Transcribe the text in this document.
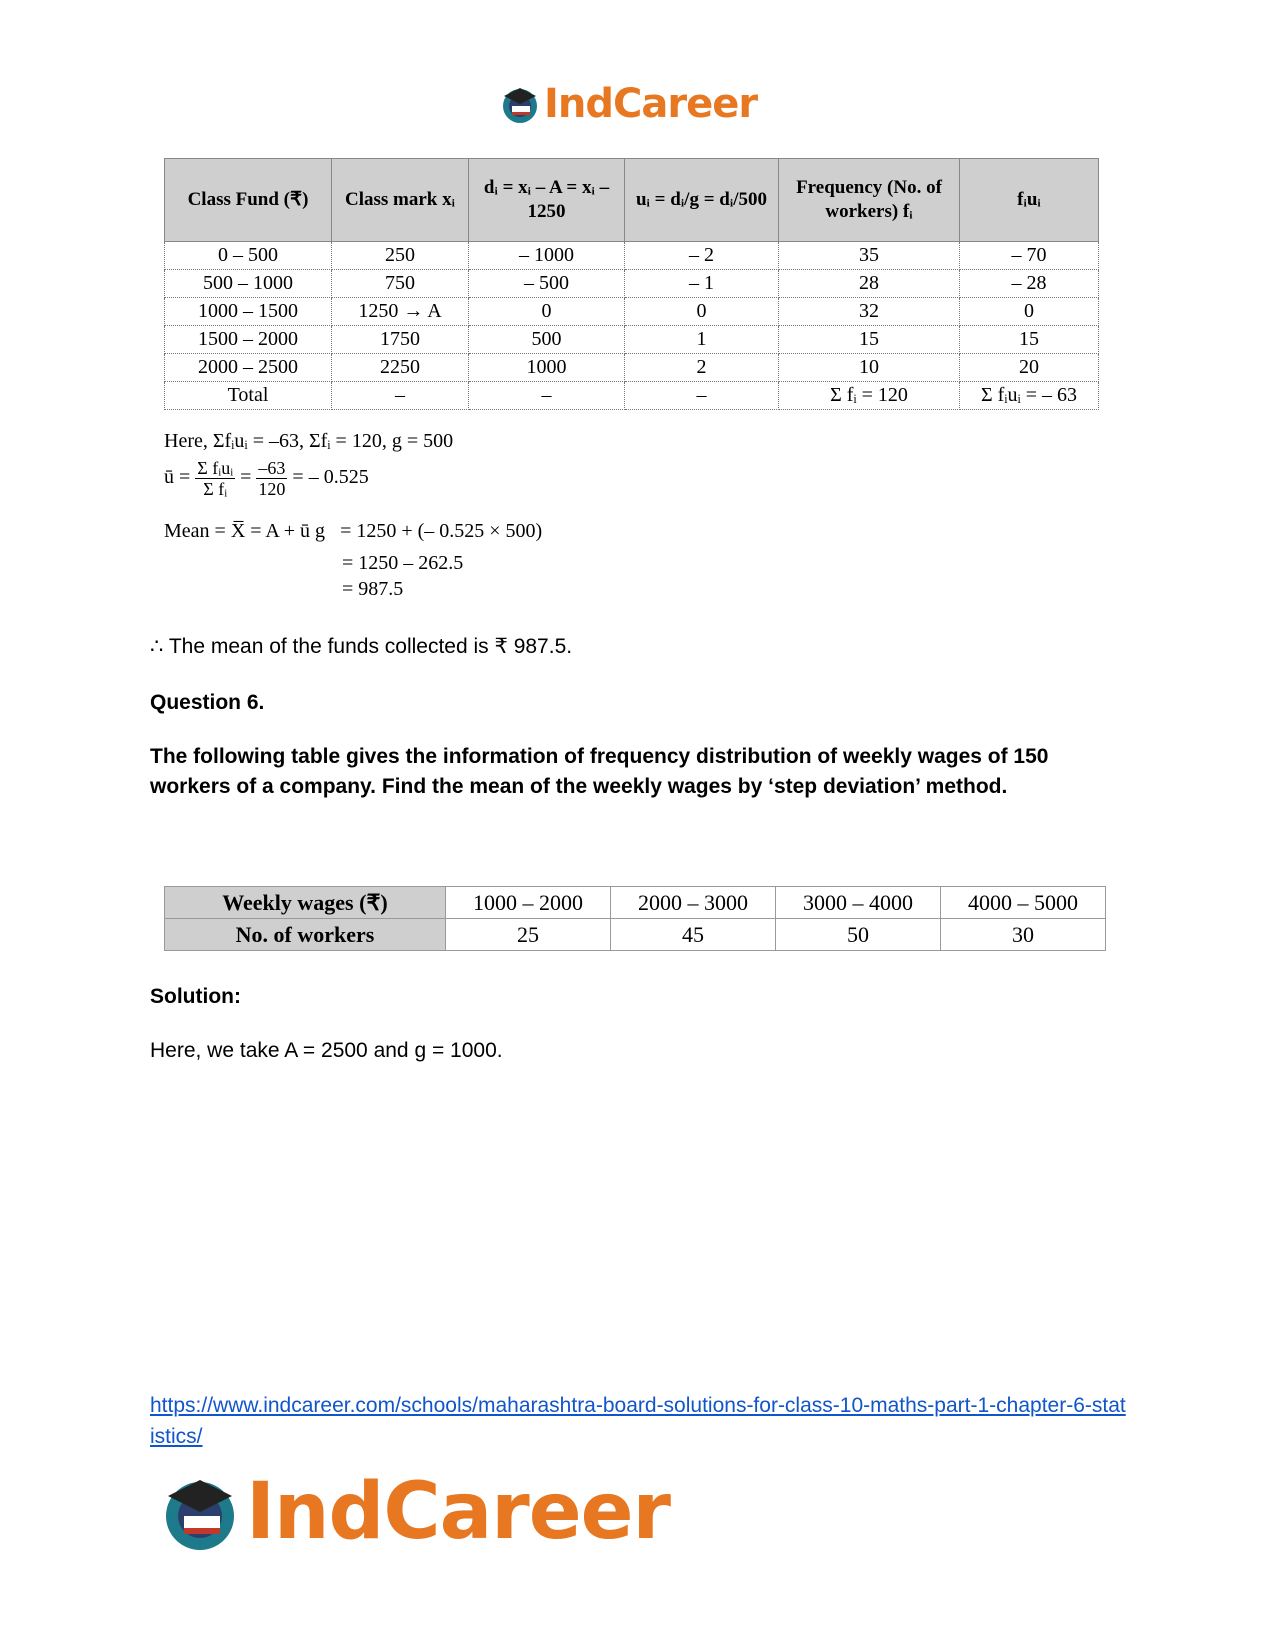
IndCareer
Class Fund (₹)	Class mark xᵢ	dᵢ = xᵢ – A = xᵢ – 1250	uᵢ = dᵢ/g = dᵢ/500	Frequency (No. of workers) fᵢ	fᵢuᵢ
0 – 500	250	– 1000	– 2	35	– 70
500 – 1000	750	– 500	– 1	28	– 28
1000 – 1500	1250 → A	0	0	32	0
1500 – 2000	1750	500	1	15	15
2000 – 2500	2250	1000	2	10	20
Total	–	–	–	Σ fᵢ = 120	Σ fᵢuᵢ = – 63
Here, Σfᵢuᵢ = –63, Σfᵢ = 120, g = 500
ū = $\frac{\text{Σ fᵢuᵢ}}{\text{Σ fᵢ}} = \frac{-63}{120}$ = – 0.525
Mean = X̅ = A + ū g = 1250 + (– 0.525 × 500)
= 1250 – 262.5
= 987.5
∴ The mean of the funds collected is ₹ 987.5.
Question 6.
The following table gives the information of frequency distribution of weekly wages of 150 workers of a company. Find the mean of the weekly wages by ‘step deviation’ method.
Weekly wages (₹)	1000 – 2000	2000 – 3000	3000 – 4000	4000 – 5000
No. of workers	25	45	50	30
Solution:
Here, we take A = 2500 and g = 1000.
https://www.indcareer.com/schools/maharashtra-board-solutions-for-class-10-maths-part-1-chapter-6-statistics/
IndCareer
